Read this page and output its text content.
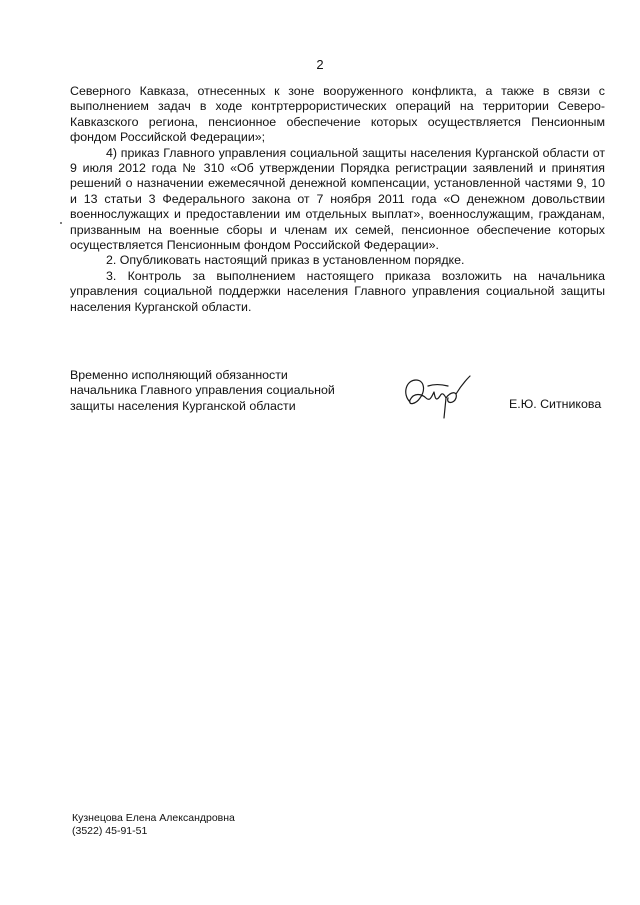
2

Северного Кавказа, отнесенных к зоне вооруженного конфликта, а также в связи с выполнением задач в ходе контртеррористических операций на территории Северо-Кавказского региона, пенсионное обеспечение которых осуществляется Пенсионным фондом Российской Федерации»;

4) приказ Главного управления социальной защиты населения Курганской области от 9 июля 2012 года № 310 «Об утверждении Порядка регистрации заявлений и принятия решений о назначении ежемесячной денежной компенсации, установленной частями 9, 10 и 13 статьи 3 Федерального закона от 7 ноября 2011 года «О денежном довольствии военнослужащих и предоставлении им отдельных выплат», военнослужащим, гражданам, призванным на военные сборы и членам их семей, пенсионное обеспечение которых осуществляется Пенсионным фондом Российской Федерации».

2. Опубликовать настоящий приказ в установленном порядке.

3. Контроль за выполнением настоящего приказа возложить на начальника управления социальной поддержки населения Главного управления социальной защиты населения Курганской области.

Временно исполняющий обязанности
начальника Главного управления социальной
защиты населения Курганской области	Е.Ю. Ситникова
Кузнецова Елена Александровна
(3522) 45-91-51
